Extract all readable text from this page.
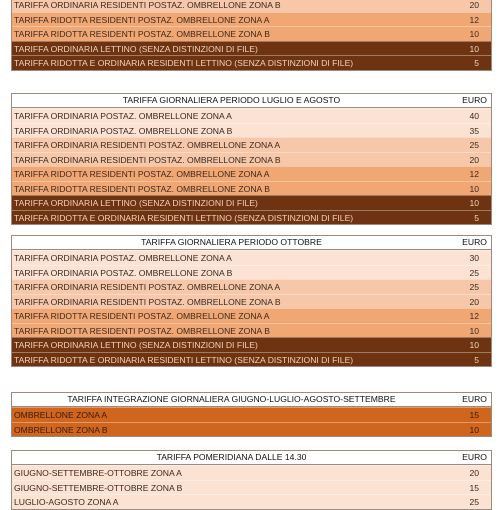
TARIFFA ORDINARIA RESIDENTI POSTAZ. OMBRELLONE ZONA B	20
TARIFFA RIDOTTA RESIDENTI POSTAZ. OMBRELLONE ZONA A	12
TARIFFA RIDOTTA RESIDENTI POSTAZ. OMBRELLONE ZONA B	10
TARIFFA ORDINARIA LETTINO (SENZA DISTINZIONI DI FILE)	10
TARIFFA RIDOTTA E ORDINARIA RESIDENTI LETTINO (SENZA DISTINZIONI DI FILE)	5
TARIFFA GIORNALIERA PERIODO LUGLIO E AGOSTO	EURO
TARIFFA ORDINARIA POSTAZ. OMBRELLONE ZONA A	40
TARIFFA ORDINARIA POSTAZ. OMBRELLONE ZONA B	35
TARIFFA ORDINARIA RESIDENTI POSTAZ. OMBRELLONE ZONA A	25
TARIFFA ORDINARIA RESIDENTI POSTAZ. OMBRELLONE ZONA B	20
TARIFFA RIDOTTA RESIDENTI POSTAZ. OMBRELLONE ZONA A	12
TARIFFA RIDOTTA RESIDENTI POSTAZ. OMBRELLONE ZONA B	10
TARIFFA ORDINARIA LETTINO (SENZA DISTINZIONI DI FILE)	10
TARIFFA RIDOTTA E ORDINARIA RESIDENTI LETTINO (SENZA DISTINZIONI DI FILE)	5
TARIFFA GIORNALIERA PERIODO OTTOBRE	EURO
TARIFFA ORDINARIA POSTAZ. OMBRELLONE ZONA A	30
TARIFFA ORDINARIA POSTAZ. OMBRELLONE ZONA B	25
TARIFFA ORDINARIA RESIDENTI POSTAZ. OMBRELLONE ZONA A	25
TARIFFA ORDINARIA RESIDENTI POSTAZ. OMBRELLONE ZONA B	20
TARIFFA RIDOTTA RESIDENTI POSTAZ. OMBRELLONE ZONA A	12
TARIFFA RIDOTTA RESIDENTI POSTAZ. OMBRELLONE ZONA B	10
TARIFFA ORDINARIA LETTINO (SENZA DISTINZIONI DI FILE)	10
TARIFFA RIDOTTA E ORDINARIA RESIDENTI LETTINO (SENZA DISTINZIONI DI FILE)	5
TARIFFA INTEGRAZIONE GIORNALIERA GIUGNO-LUGLIO-AGOSTO-SETTEMBRE	EURO
OMBRELLONE ZONA A	15
OMBRELLONE ZONA B	10
TARIFFA POMERIDIANA DALLE 14.30	EURO
GIUGNO-SETTEMBRE-OTTOBRE ZONA A	20
GIUGNO-SETTEMBRE-OTTOBRE ZONA B	15
LUGLIO-AGOSTO ZONA A	25
